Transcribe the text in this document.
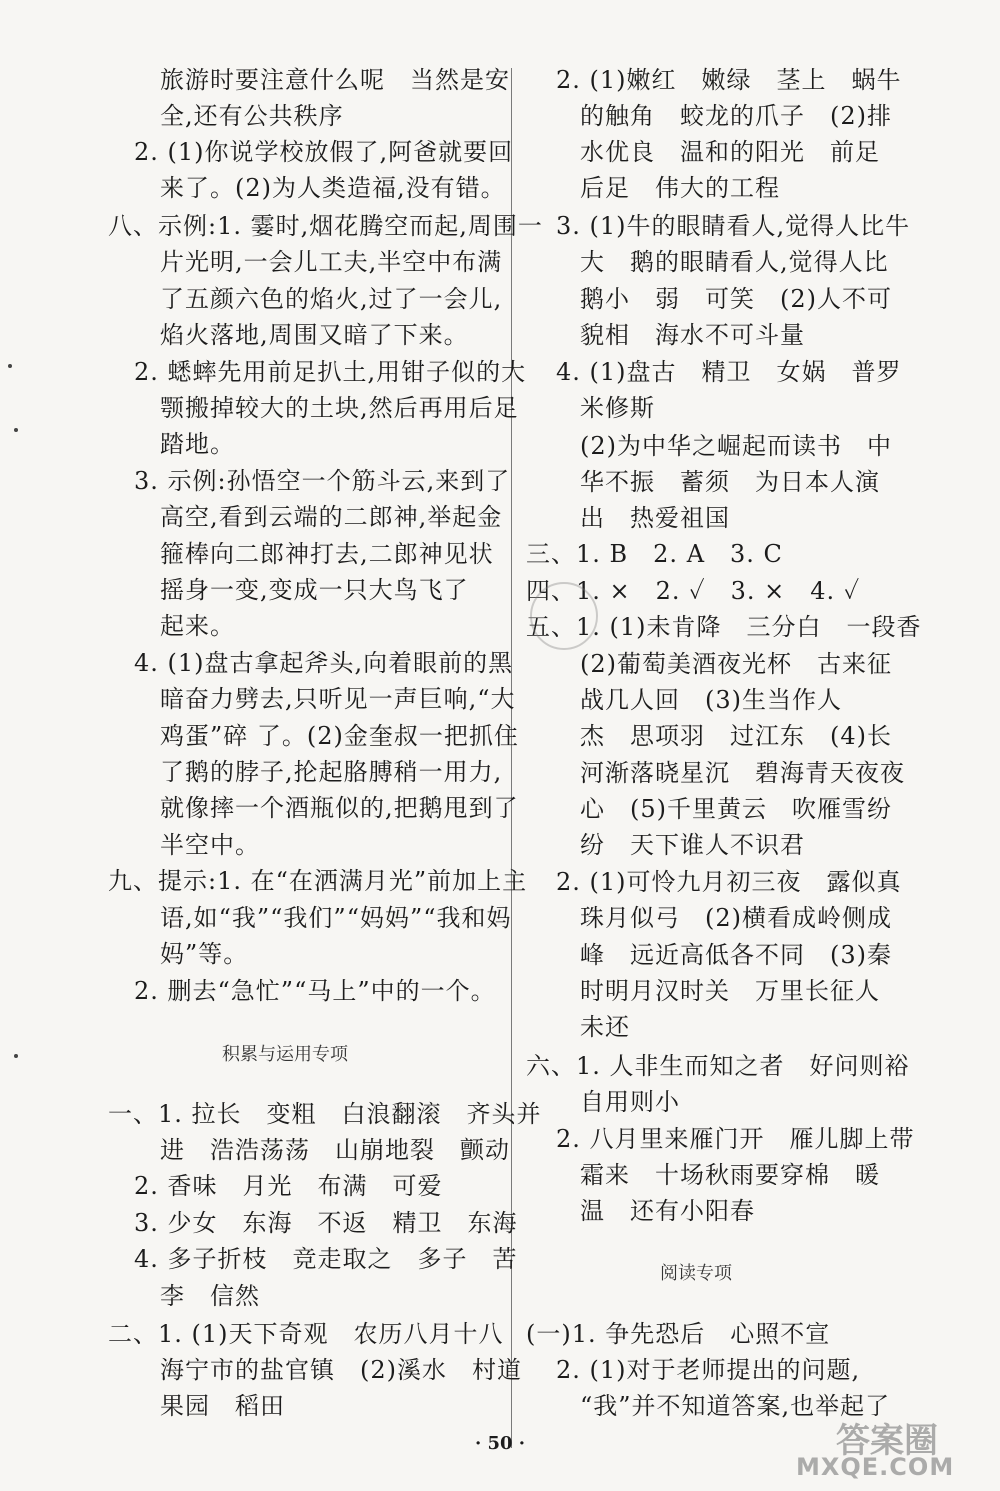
旅游时要注意什么呢　当然是安
全,还有公共秩序
2. (1)你说学校放假了,阿爸就要回
来了。(2)为人类造福,没有错。
八、示例:1. 霎时,烟花腾空而起,周围一
片光明,一会儿工夫,半空中布满
了五颜六色的焰火,过了一会儿,
焰火落地,周围又暗了下来。
2. 蟋蟀先用前足扒土,用钳子似的大
颚搬掉较大的土块,然后再用后足
踏地。
3. 示例:孙悟空一个筋斗云,来到了
高空,看到云端的二郎神,举起金
箍棒向二郎神打去,二郎神见状
摇身一变,变成一只大鸟飞了
起来。
4. (1)盘古拿起斧头,向着眼前的黑
暗奋力劈去,只听见一声巨响,“大
鸡蛋”碎 了。(2)金奎叔一把抓住
了鹅的脖子,抡起胳膊稍一用力,
就像摔一个酒瓶似的,把鹅甩到了
半空中。
九、提示:1. 在“在洒满月光”前加上主
语,如“我”“我们”“妈妈”“我和妈
妈”等。
2. 删去“急忙”“马上”中的一个。
积累与运用专项
一、1. 拉长　变粗　白浪翻滚　齐头并
进　浩浩荡荡　山崩地裂　颤动
2. 香味　月光　布满　可爱
3. 少女　东海　不返　精卫　东海
4. 多子折枝　竞走取之　多子　苦
李　信然
二、1. (1)天下奇观　农历八月十八
海宁市的盐官镇　(2)溪水　村道
果园　稻田
2. (1)嫩红　嫩绿　茎上　蜗牛
的触角　蛟龙的爪子　(2)排
水优良　温和的阳光　前足
后足　伟大的工程
3. (1)牛的眼睛看人,觉得人比牛
大　鹅的眼睛看人,觉得人比
鹅小　弱　可笑　(2)人不可
貌相　海水不可斗量
4. (1)盘古　精卫　女娲　普罗
米修斯
(2)为中华之崛起而读书　中
华不振　蓄须　为日本人演
出　热爱祖国
三、1. B　2. A　3. C
四、1. ×　2. ✓　3. ×　4. ✓
五、1. (1)未肯降　三分白　一段香
(2)葡萄美酒夜光杯　古来征
战几人回　(3)生当作人
杰　思项羽　过江东　(4)长
河渐落晓星沉　碧海青天夜夜
心　(5)千里黄云　吹雁雪纷
纷　天下谁人不识君
2. (1)可怜九月初三夜　露似真
珠月似弓　(2)横看成岭侧成
峰　远近高低各不同　(3)秦
时明月汉时关　万里长征人
未还
六、1. 人非生而知之者　好问则裕
自用则小
2. 八月里来雁门开　雁儿脚上带
霜来　十场秋雨要穿棉　暖
温　还有小阳春
阅读专项
(一)1. 争先恐后　心照不宣
2. (1)对于老师提出的问题,
“我”并不知道答案,也举起了
· 50 ·	答案圈
MXQE.COM
